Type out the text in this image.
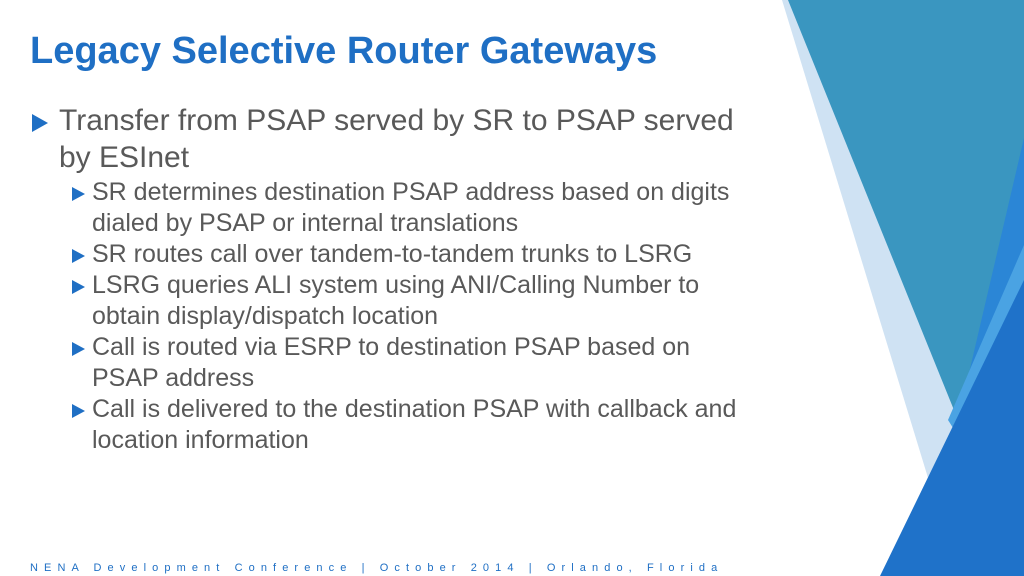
Legacy Selective Router Gateways
Transfer from PSAP served by SR to PSAP served by ESInet
SR determines destination PSAP address based on digits dialed by PSAP or internal translations
SR routes call over tandem-to-tandem trunks to LSRG
LSRG queries ALI system using ANI/Calling Number to obtain display/dispatch location
Call is routed via ESRP to destination PSAP based on PSAP address
Call is delivered to the destination PSAP with callback and location information
NENA Development Conference | October 2014 | Orlando, Florida
